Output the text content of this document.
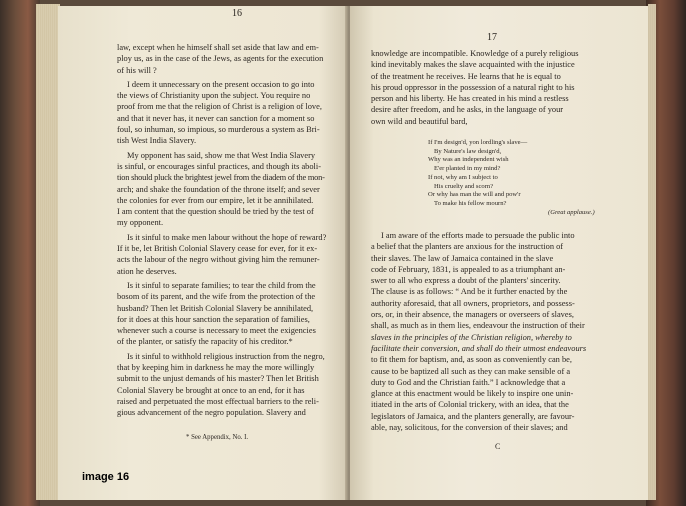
16

law, except when he himself shall set aside that law and em-

ploy us, as in the case of the Jews, as agents for the execution

of his will ?

I deem it unnecessary on the present occasion to go into

the views of Christianity upon the subject. You require no

proof from me that the religion of Christ is a religion of love,

and that it never has, it never can sanction for a moment so

foul, so inhuman, so impious, so murderous a system as Bri-

tish West India Slavery.

My opponent has said, show me that West India Slavery

is sinful, or encourages sinful practices, and though its aboli-

tion should pluck the brightest jewel from the diadem of the mon-

arch; and shake the foundation of the throne itself; and sever

the colonies for ever from our empire, let it be annihilated.

I am content that the question should be tried by the test of

my opponent.

Is it sinful to make men labour without the hope of reward?

If it be, let British Colonial Slavery cease for ever, for it ex-

acts the labour of the negro without giving him the remuner-

ation he deserves.

Is it sinful to separate families; to tear the child from the

bosom of its parent, and the wife from the protection of the

husband? Then let British Colonial Slavery be annihilated,

for it does at this hour sanction the separation of families,

whenever such a course is necessary to meet the exigencies

of the planter, or satisfy the rapacity of his creditor.*

Is it sinful to withhold religious instruction from the negro,

that by keeping him in darkness he may the more willingly

submit to the unjust demands of his master? Then let British

Colonial Slavery be brought at once to an end, for it has

raised and perpetuated the most effectual barriers to the reli-

gious advancement of the negro population. Slavery and

* See Appendix, No. I.
17

knowledge are incompatible. Knowledge of a purely religious

kind inevitably makes the slave acquainted with the injustice

of the treatment he receives. He learns that he is equal to

his proud oppressor in the possession of a natural right to his

person and his liberty. He has created in his mind a restless

desire after freedom, and he asks, in the language of your

own wild and beautiful bard,

If I'm design'd, yon lordling's slave—
By Nature's law design'd,
Why was an independent wish
E'er planted in my mind?
If not, why am I subject to
His cruelty and scorn?
Or why has man the will and pow'r
To make his fellow mourn?
(Great applause.)

I am aware of the efforts made to persuade the public into

a belief that the planters are anxious for the instruction of

their slaves. The law of Jamaica contained in the slave

code of February, 1831, is appealed to as a triumphant an-

swer to all who express a doubt of the planters' sincerity.

The clause is as follows: “ And be it further enacted by the

authority aforesaid, that all owners, proprietors, and possess-

ors, or, in their absence, the managers or overseers of slaves,

shall, as much as in them lies, endeavour the instruction of their

slaves in the principles of the Christian religion, whereby to

facilitate their conversion, and shall do their utmost endeavours

to fit them for baptism, and, as soon as conveniently can be,

cause to be baptized all such as they can make sensible of a

duty to God and the Christian faith.” I acknowledge that a

glance at this enactment would be likely to inspire one unin-

itiated in the arts of Colonial trickery, with an idea, that the

legislators of Jamaica, and the planters generally, are favour-

able, nay, solicitous, for the conversion of their slaves; and

C
image 16
